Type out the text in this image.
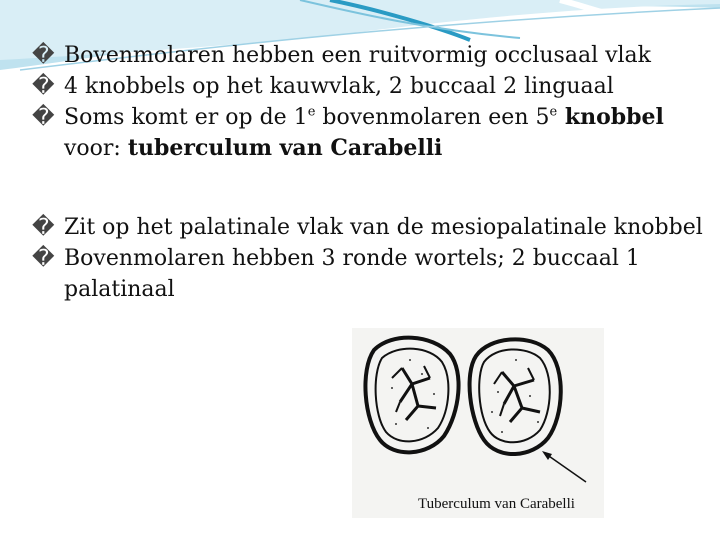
� Bovenmolaren hebben een ruitvormig occlusaal vlak
� 4 knobbels op het kauwvlak, 2 buccaal 2 linguaal
� Soms komt er op de 1e bovenmolaren een 5e knobbel
voor: tuberculum van Carabelli
� Zit op het palatinale vlak van de mesiopalatinale knobbel
� Bovenmolaren hebben 3 ronde wortels; 2 buccaal 1 palatinaal
Tuberculum van Carabelli
